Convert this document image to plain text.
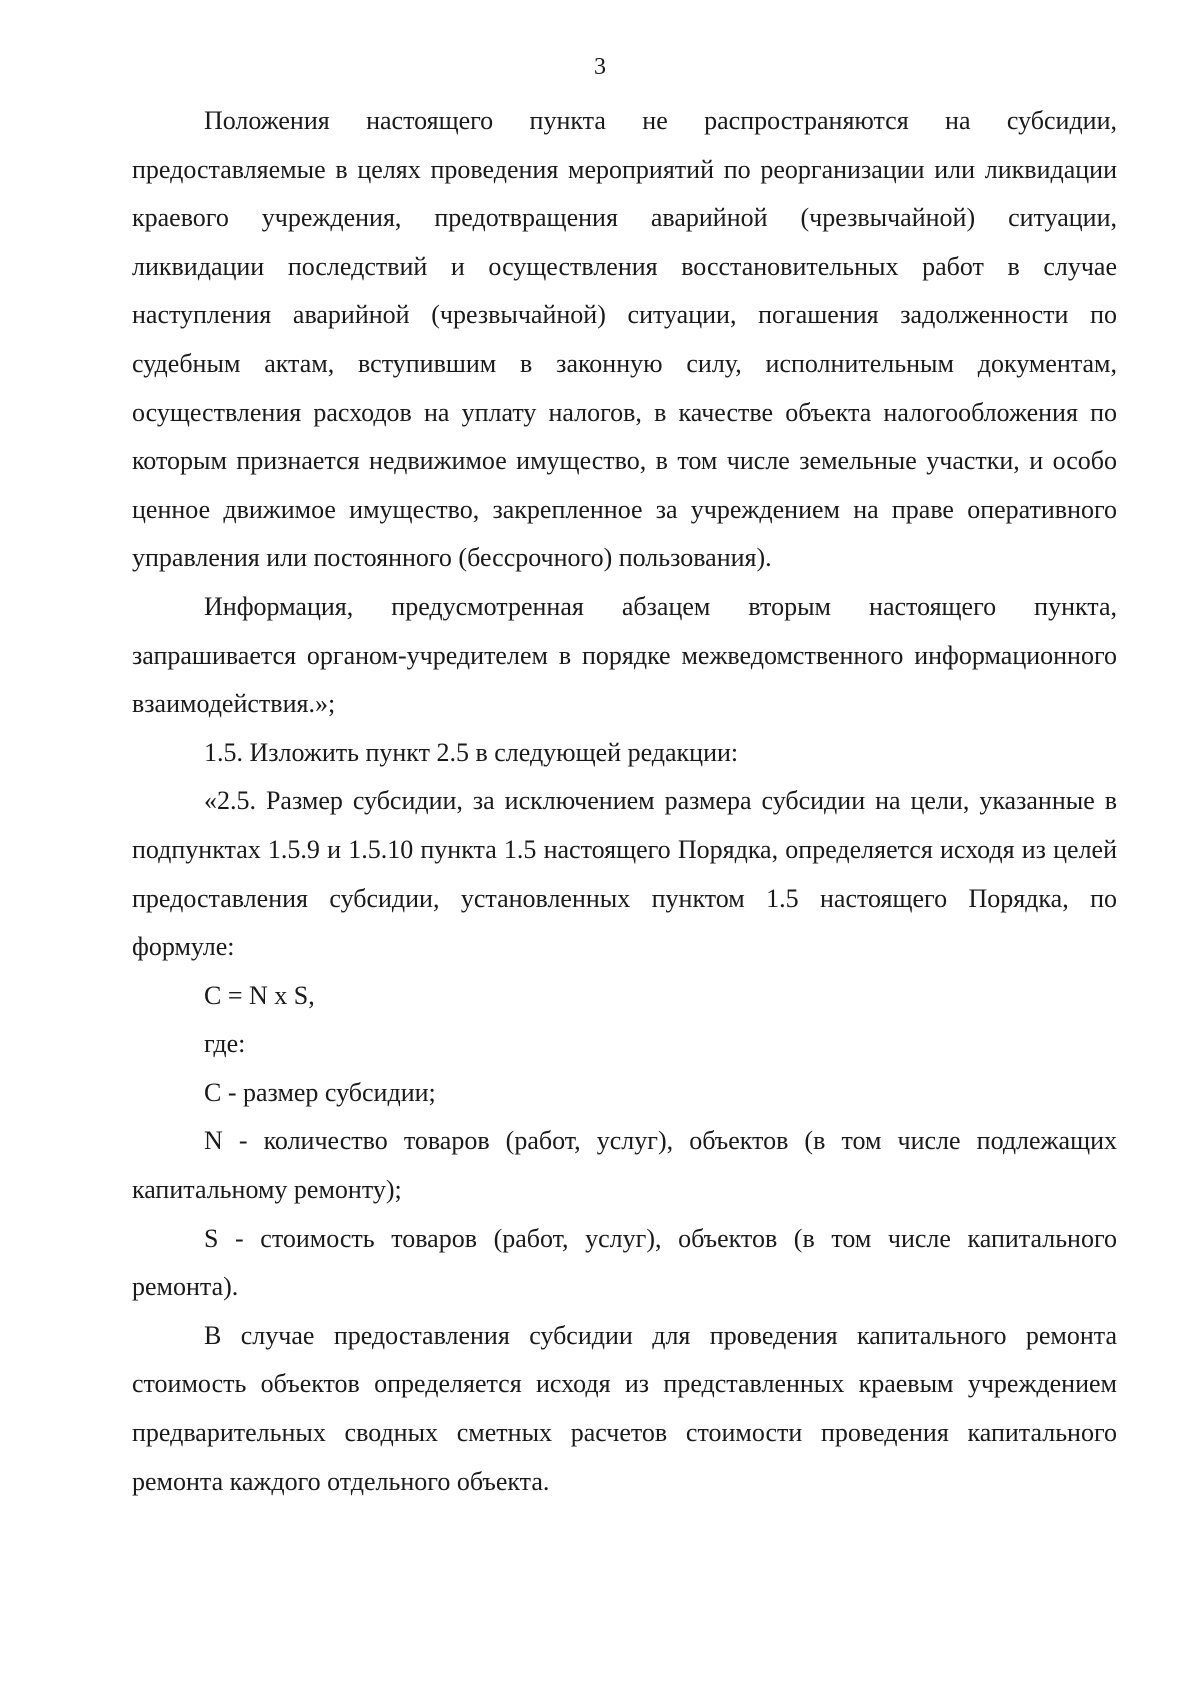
3

Положения настоящего пункта не распространяются на субсидии, предоставляемые в целях проведения мероприятий по реорганизации или ликвидации краевого учреждения, предотвращения аварийной (чрезвычайной) ситуации, ликвидации последствий и осуществления восстановительных работ в случае наступления аварийной (чрезвычайной) ситуации, погашения задолженности по судебным актам, вступившим в законную силу, исполнительным документам, осуществления расходов на уплату налогов, в качестве объекта налогообложения по которым признается недвижимое имущество, в том числе земельные участки, и особо ценное движимое имущество, закрепленное за учреждением на праве оперативного управления или постоянного (бессрочного) пользования).

Информация, предусмотренная абзацем вторым настоящего пункта, запрашивается органом-учредителем в порядке межведомственного информационного взаимодействия.»;

1.5. Изложить пункт 2.5 в следующей редакции:

«2.5. Размер субсидии, за исключением размера субсидии на цели, указанные в подпунктах 1.5.9 и 1.5.10 пункта 1.5 настоящего Порядка, определяется исходя из целей предоставления субсидии, установленных пунктом 1.5 настоящего Порядка, по формуле:

С = N x S,

где:

С - размер субсидии;

N - количество товаров (работ, услуг), объектов (в том числе подлежащих капитальному ремонту);

S - стоимость товаров (работ, услуг), объектов (в том числе капитального ремонта).

В случае предоставления субсидии для проведения капитального ремонта стоимость объектов определяется исходя из представленных краевым учреждением предварительных сводных сметных расчетов стоимости проведения капитального ремонта каждого отдельного объекта.
